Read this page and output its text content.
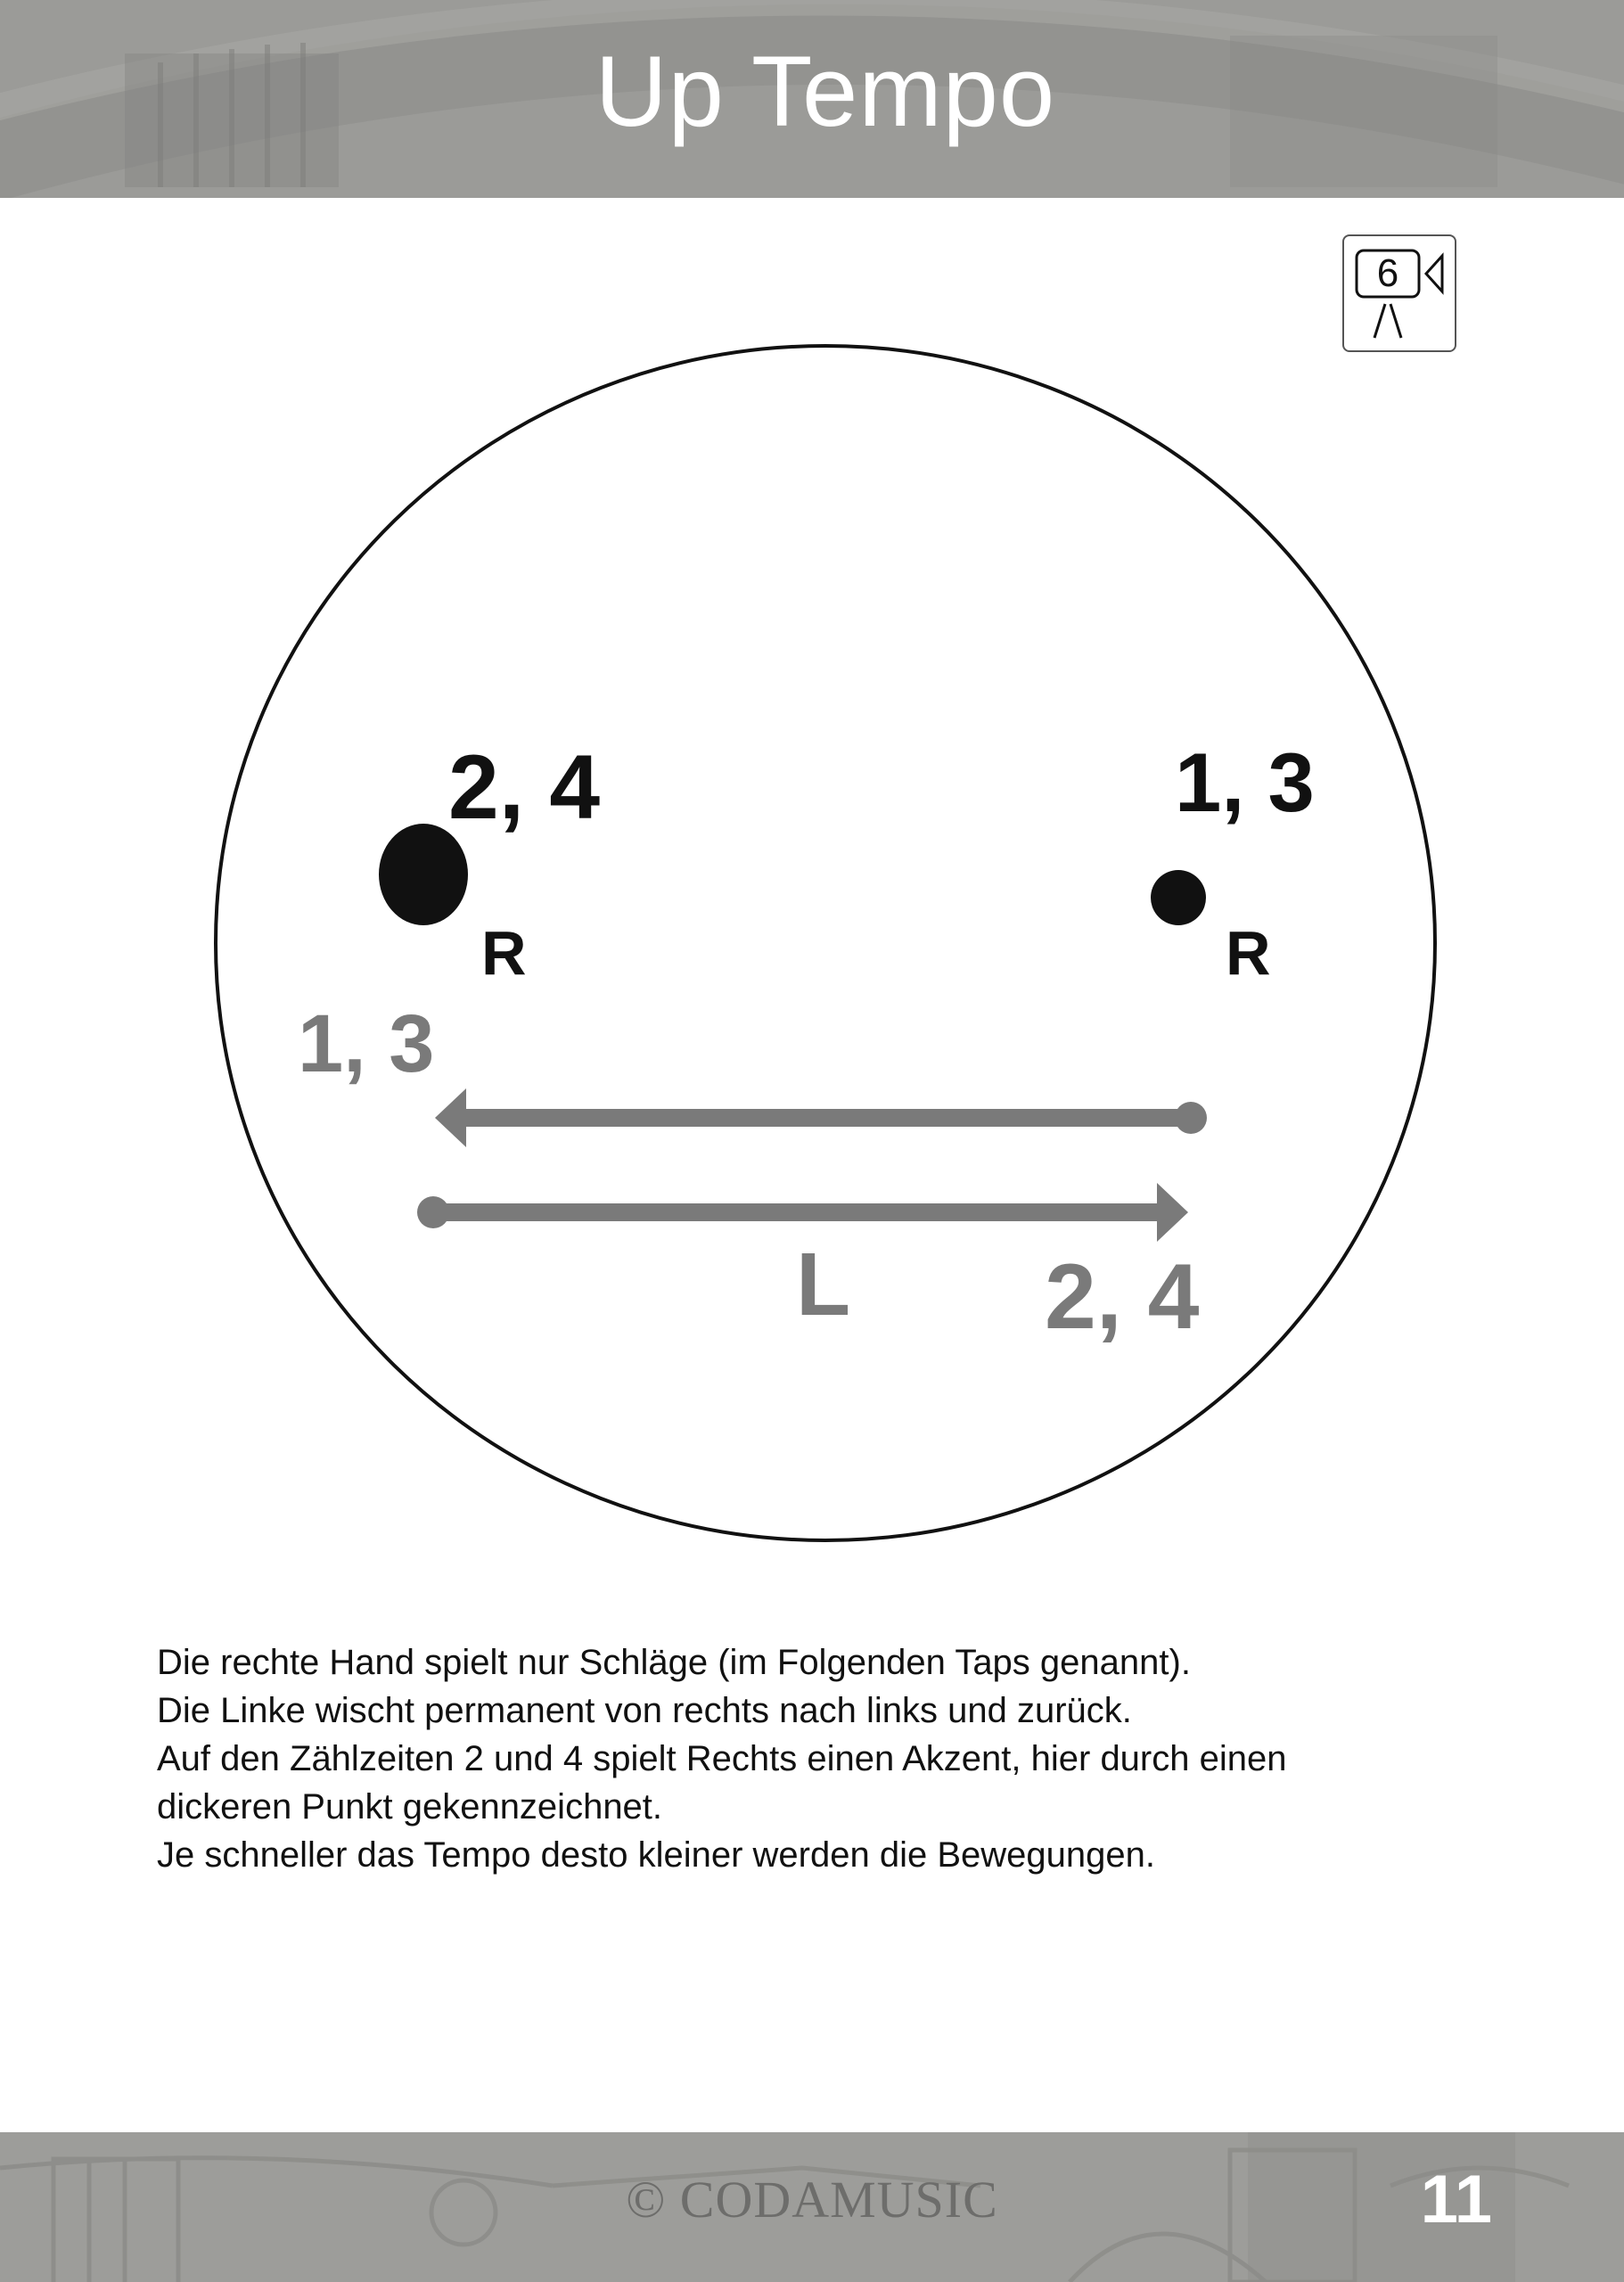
Up Tempo
6
2, 4	1, 3
R	R
1, 3
L 2, 4

Die rechte Hand spielt nur Schläge (im Folgenden Taps genannt).

Die Linke wischt permanent von rechts nach links und zurück.

Auf den Zählzeiten 2 und 4 spielt Rechts einen Akzent, hier durch einen

dickeren Punkt gekennzeichnet.

Je schneller das Tempo desto kleiner werden die Bewegungen.

© CODAMUSIC	11
